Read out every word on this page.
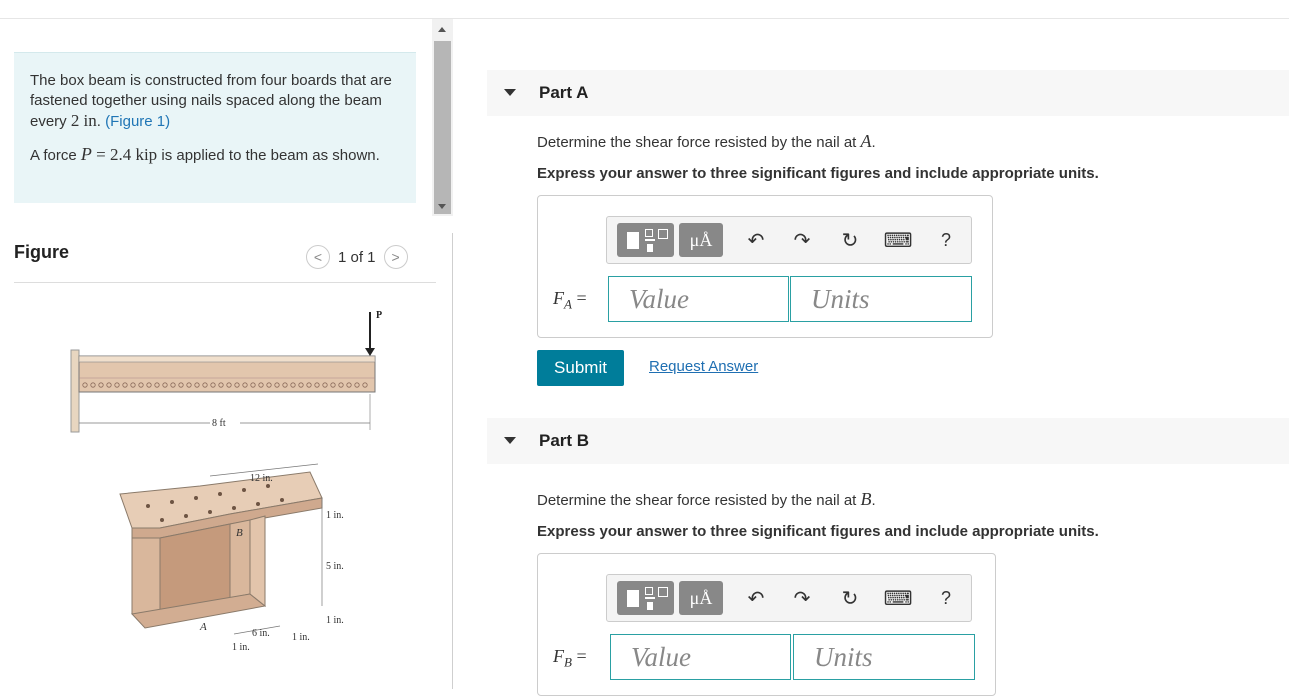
The box beam is constructed from four boards that are fastened together using nails spaced along the beam every 2 in. (Figure 1)

A force P = 2.4 kip is applied to the beam as shown.

Figure	<	1 of 1	>
P
8 ft
12 in.
1 in.
5 in.
1 in.
6 in.
1 in.
1 in.
A
B
Part A
Determine the shear force resisted by the nail at A.
Express your answer to three significant figures and include appropriate units.
μÅ	↶ ↷ ↻ ⌨	?
$F_A$ =	Value	Units
Submit	Request Answer
Part B
Determine the shear force resisted by the nail at B.
Express your answer to three significant figures and include appropriate units.
μÅ	↶ ↷ ↻ ⌨	?
$F_B$ =	Value	Units
